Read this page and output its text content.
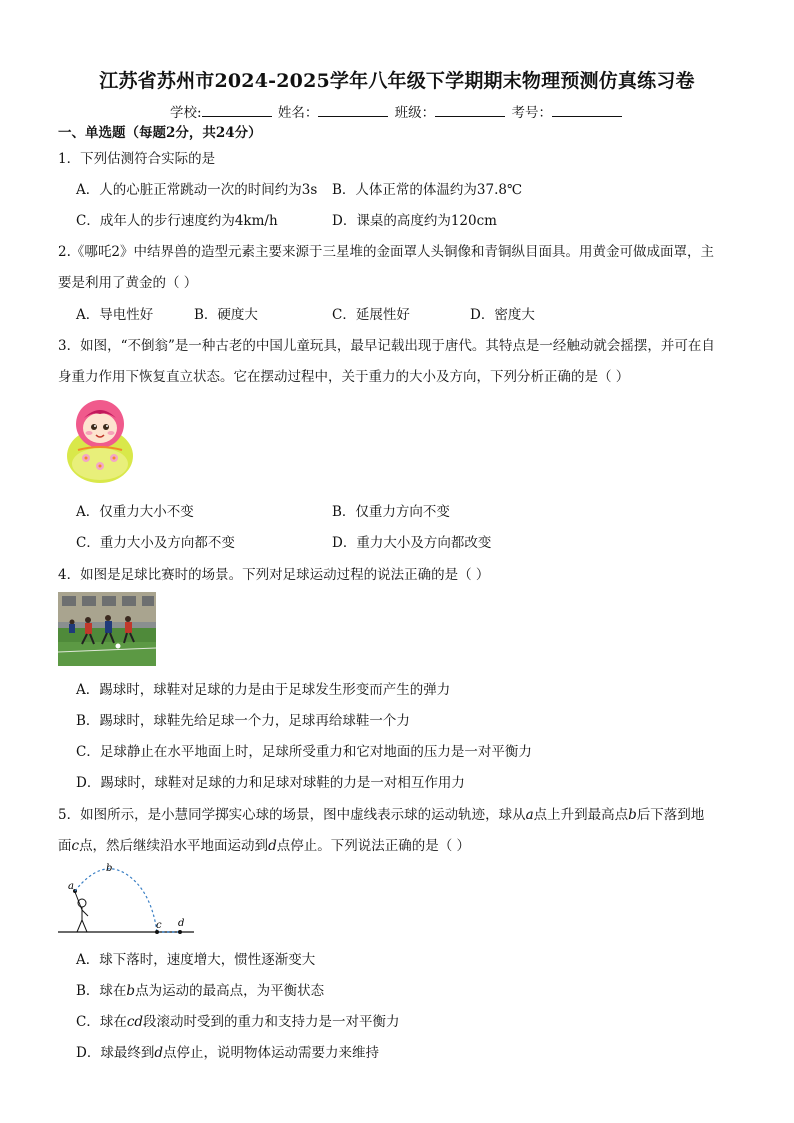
江苏省苏州市2024-2025学年八年级下学期期末物理预测仿真练习卷
学校:	姓名：	班级：	考号：
一、单选题（每题2分，共24分）
1．下列估测符合实际的是
A．人的心脏正常跳动一次的时间约为3s B．人体正常的体温约为37.8℃
C．成年人的步行速度约为4km/h	D．课桌的高度约为120cm
2.《哪吒2》中结界兽的造型元素主要来源于三星堆的金面罩人头铜像和青铜纵目面具。用黄金可做成面罩，主
要是利用了黄金的（ ）
A．导电性好	B．硬度大	C．延展性好	D．密度大
3．如图，“不倒翁”是一种古老的中国儿童玩具，最早记载出现于唐代。其特点是一经触动就会摇摆，并可在自
身重力作用下恢复直立状态。它在摆动过程中，关于重力的大小及方向，下列分析正确的是（ ）
A．仅重力大小不变	B．仅重力方向不变
C．重力大小及方向都不变	D．重力大小及方向都改变
4．如图是足球比赛时的场景。下列对足球运动过程的说法正确的是（ ）
A．踢球时，球鞋对足球的力是由于足球发生形变而产生的弹力
B．踢球时，球鞋先给足球一个力，足球再给球鞋一个力
C．足球静止在水平地面上时，足球所受重力和它对地面的压力是一对平衡力
D．踢球时，球鞋对足球的力和足球对球鞋的力是一对相互作用力
5．如图所示，是小慧同学掷实心球的场景，图中虚线表示球的运动轨迹，球从a点上升到最高点b后下落到地
面c点，然后继续沿水平地面运动到d点停止。下列说法正确的是（ ）
a
b
c d
A．球下落时，速度增大，惯性逐渐变大
B．球在b点为运动的最高点，为平衡状态
C．球在cd段滚动时受到的重力和支持力是一对平衡力
D．球最终到d点停止，说明物体运动需要力来维持
